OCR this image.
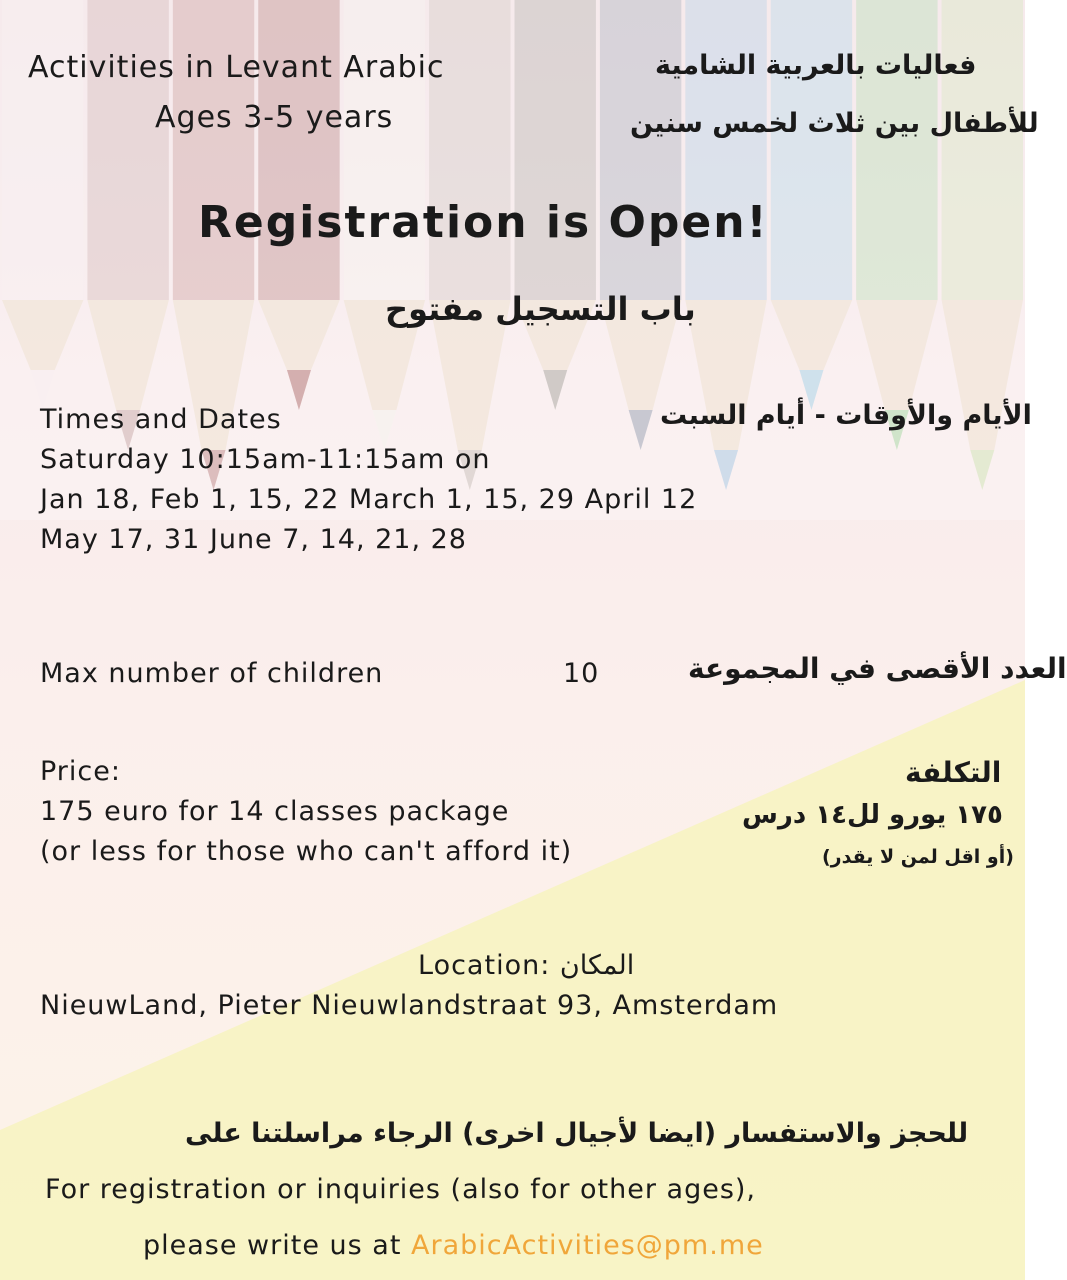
Activities in Levant Arabic
Ages 3-5 years
فعاليات بالعربية الشامية
للأطفال بين ثلاث لخمس سنين
Registration is Open!
باب التسجيل مفتوح
Times and Dates	الأيام والأوقات - أيام السبت
Saturday 10:15am-11:15am on
Jan 18, Feb 1, 15, 22 March 1, 15, 29 April 12
May 17, 31 June 7, 14, 21, 28
Max number of children	10	العدد الأقصى في المجموعة
Price:
175 euro for 14 classes package
(or less for those who can't afford it)
التكلفة
١٧٥ يورو لل١٤ درس
(أو اقل لمن لا يقدر)
Location: المكان
NieuwLand, Pieter Nieuwlandstraat 93, Amsterdam
للحجز والاستفسار (ايضا لأجيال اخرى) الرجاء مراسلتنا على
For registration or inquiries (also for other ages),
please write us at ArabicActivities@pm.me
